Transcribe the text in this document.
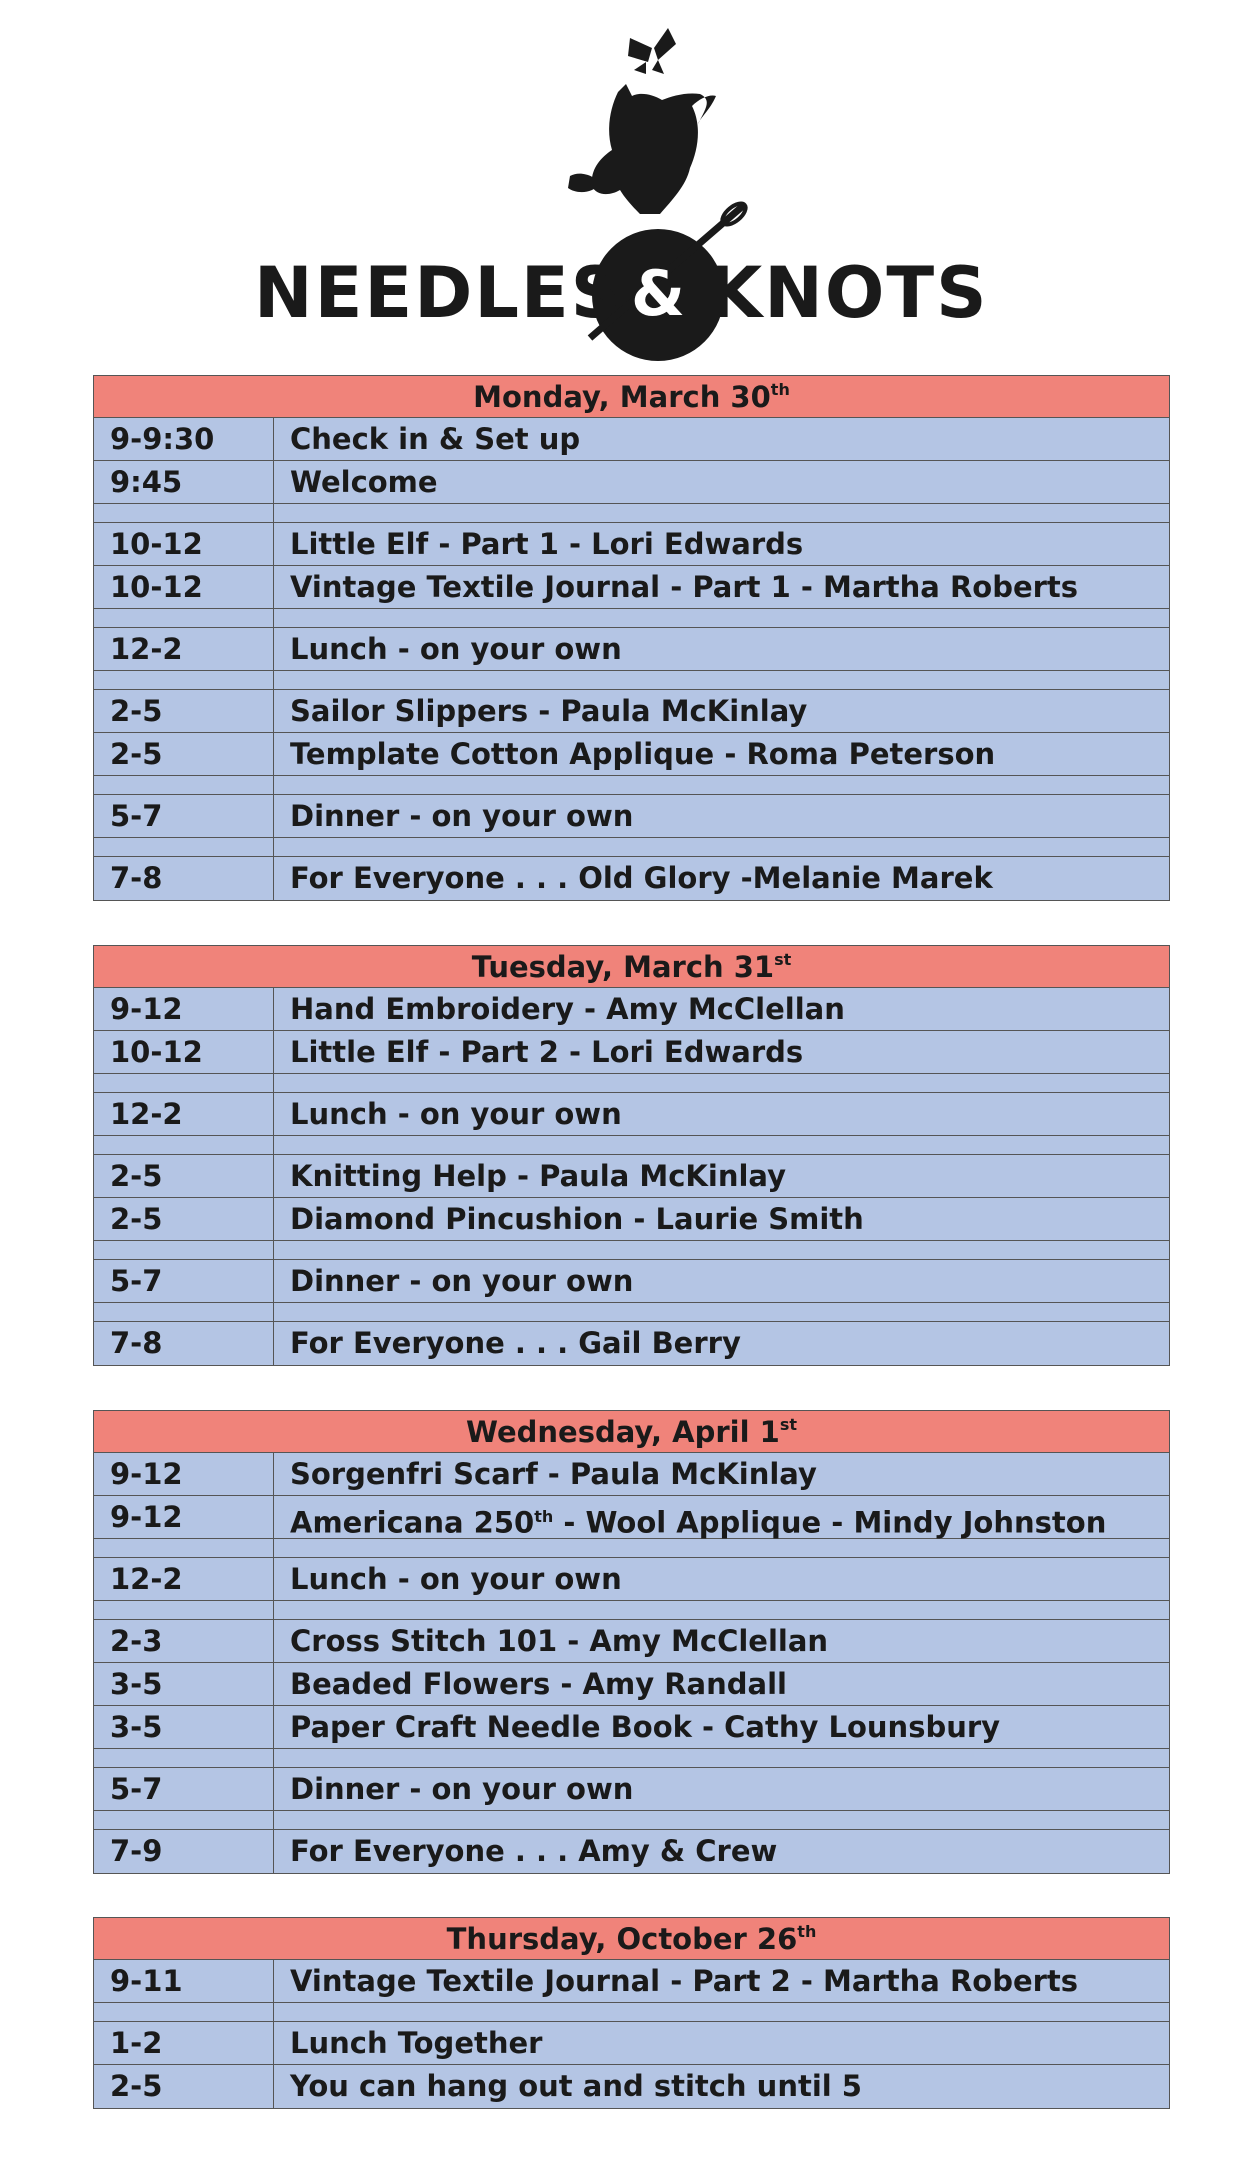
NEEDLES & KNOTS
Monday, March 30th
9-9:30	Check in & Set up
9:45	Welcome
10-12	Little Elf - Part 1 - Lori Edwards
10-12	Vintage Textile Journal - Part 1 - Martha Roberts
12-2	Lunch - on your own
2-5	Sailor Slippers - Paula McKinlay
2-5	Template Cotton Applique - Roma Peterson
5-7	Dinner - on your own
7-8	For Everyone . . . Old Glory -Melanie Marek
Tuesday, March 31st
9-12	Hand Embroidery - Amy McClellan
10-12	Little Elf - Part 2 - Lori Edwards
12-2	Lunch - on your own
2-5	Knitting Help - Paula McKinlay
2-5	Diamond Pincushion - Laurie Smith
5-7	Dinner - on your own
7-8	For Everyone . . . Gail Berry
Wednesday, April 1st
9-12	Sorgenfri Scarf - Paula McKinlay
9-12	Americana 250th - Wool Applique - Mindy Johnston
12-2	Lunch - on your own
2-3	Cross Stitch 101 - Amy McClellan
3-5	Beaded Flowers - Amy Randall
3-5	Paper Craft Needle Book - Cathy Lounsbury
5-7	Dinner - on your own
7-9	For Everyone . . . Amy & Crew
Thursday, October 26th
9-11	Vintage Textile Journal - Part 2 - Martha Roberts
1-2	Lunch Together
2-5	You can hang out and stitch until 5
